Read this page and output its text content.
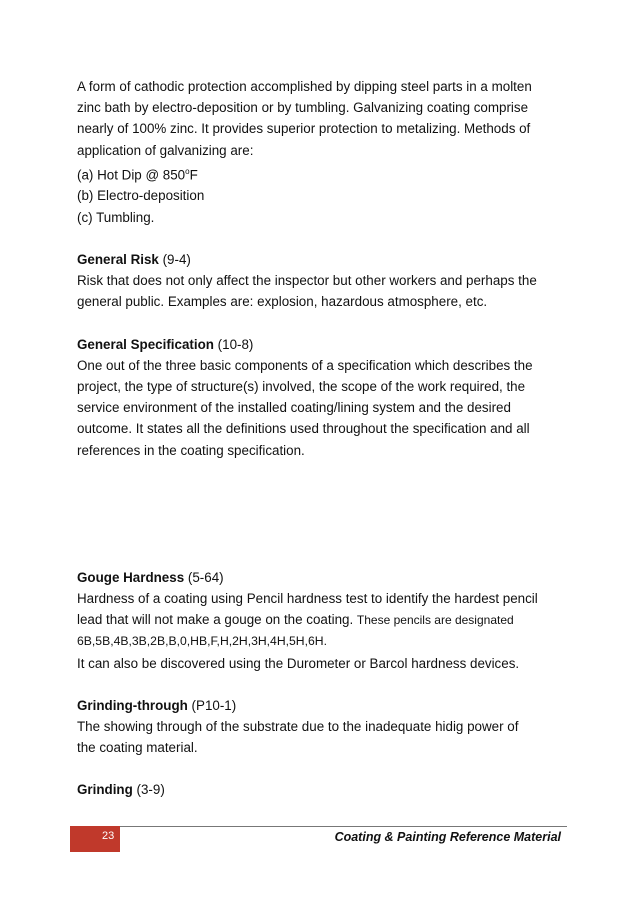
A form of cathodic protection accomplished by dipping steel parts in a molten

zinc bath by electro-deposition or by tumbling. Galvanizing coating comprise

nearly of 100% zinc. It provides superior protection to metalizing. Methods of

application of galvanizing are:

(a) Hot Dip @ 850$^o$F

(b) Electro-deposition

(c) Tumbling.

General Risk (9-4)

Risk that does not only affect the inspector but other workers and perhaps the

general public. Examples are: explosion, hazardous atmosphere, etc.

General Specification (10-8)

One out of the three basic components of a specification which describes the

project, the type of structure(s) involved, the scope of the work required, the

service environment of the installed coating/lining system and the desired

outcome. It states all the definitions used throughout the specification and all

references in the coating specification.

Gouge Hardness (5-64)

Hardness of a coating using Pencil hardness test to identify the hardest pencil

lead that will not make a gouge on the coating. These pencils are designated

6B,5B,4B,3B,2B,B,0,HB,F,H,2H,3H,4H,5H,6H.

It can also be discovered using the Durometer or Barcol hardness devices.

Grinding-through (P10-1)

The showing through of the substrate due to the inadequate hidig power of

the coating material.

Grinding (3-9)

23	Coating & Painting Reference Material
